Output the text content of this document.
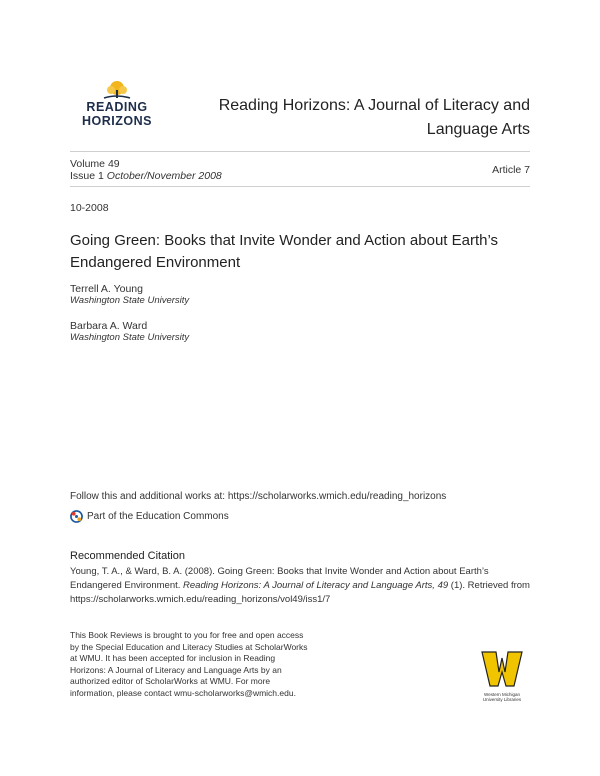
READING
HORIZONS
Reading Horizons: A Journal of Literacy and
Language Arts
Volume 49
Issue 1 October/November 2008	Article 7
10-2008
Going Green: Books that Invite Wonder and Action about Earth’s
Endangered Environment
Terrell A. Young
Washington State University
Barbara A. Ward
Washington State University
Follow this and additional works at: https://scholarworks.wmich.edu/reading_horizons
Part of the Education Commons
Recommended Citation
Young, T. A., & Ward, B. A. (2008). Going Green: Books that Invite Wonder and Action about Earth’s Endangered Environment. Reading Horizons: A Journal of Literacy and Language Arts, 49 (1). Retrieved from https://scholarworks.wmich.edu/reading_horizons/vol49/iss1/7
This Book Reviews is brought to you for free and open access by the Special Education and Literacy Studies at ScholarWorks at WMU. It has been accepted for inclusion in Reading Horizons: A Journal of Literacy and Language Arts by an authorized editor of ScholarWorks at WMU. For more information, please contact wmu-scholarworks@wmich.edu.	Western Michigan
University Libraries
